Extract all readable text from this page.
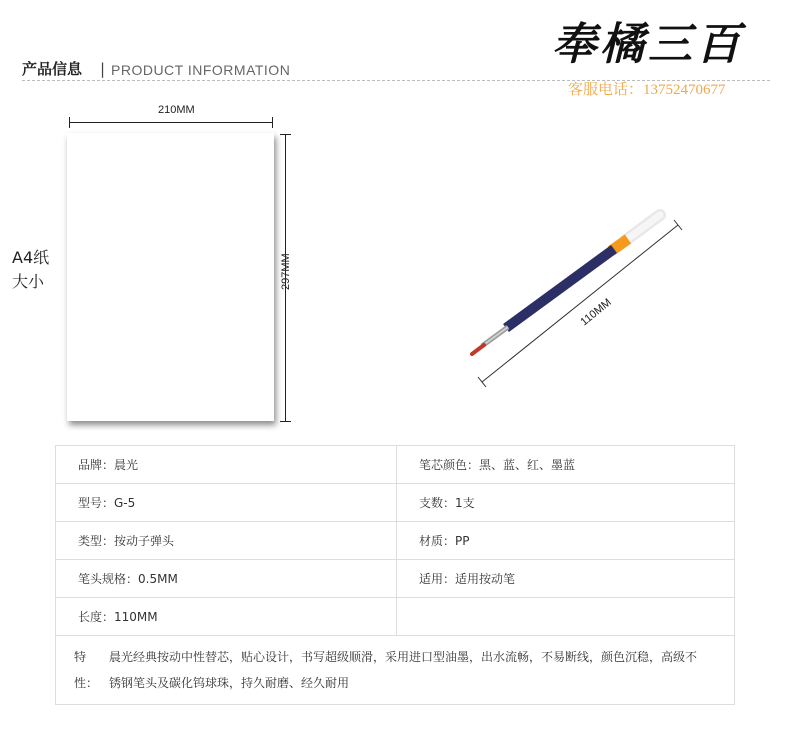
产品信息 | PRODUCT INFORMATION	奉橘三百
客服电话：13752470677
210MM
297MM
A4纸
大小
110MM
品牌：晨光	笔芯颜色：黑、蓝、红、墨蓝
型号：G-5	支数：1支
类型：按动子弹头	材质：PP
笔头规格：0.5MM	适用：适用按动笔
长度：110MM	

特性：
晨光经典按动中性替芯，贴心设计，书写超级顺滑，采用进口型油墨，出水流畅，不易断线，颜色沉稳，高级不
锈钢笔头及碳化钨球珠，持久耐磨、经久耐用	
